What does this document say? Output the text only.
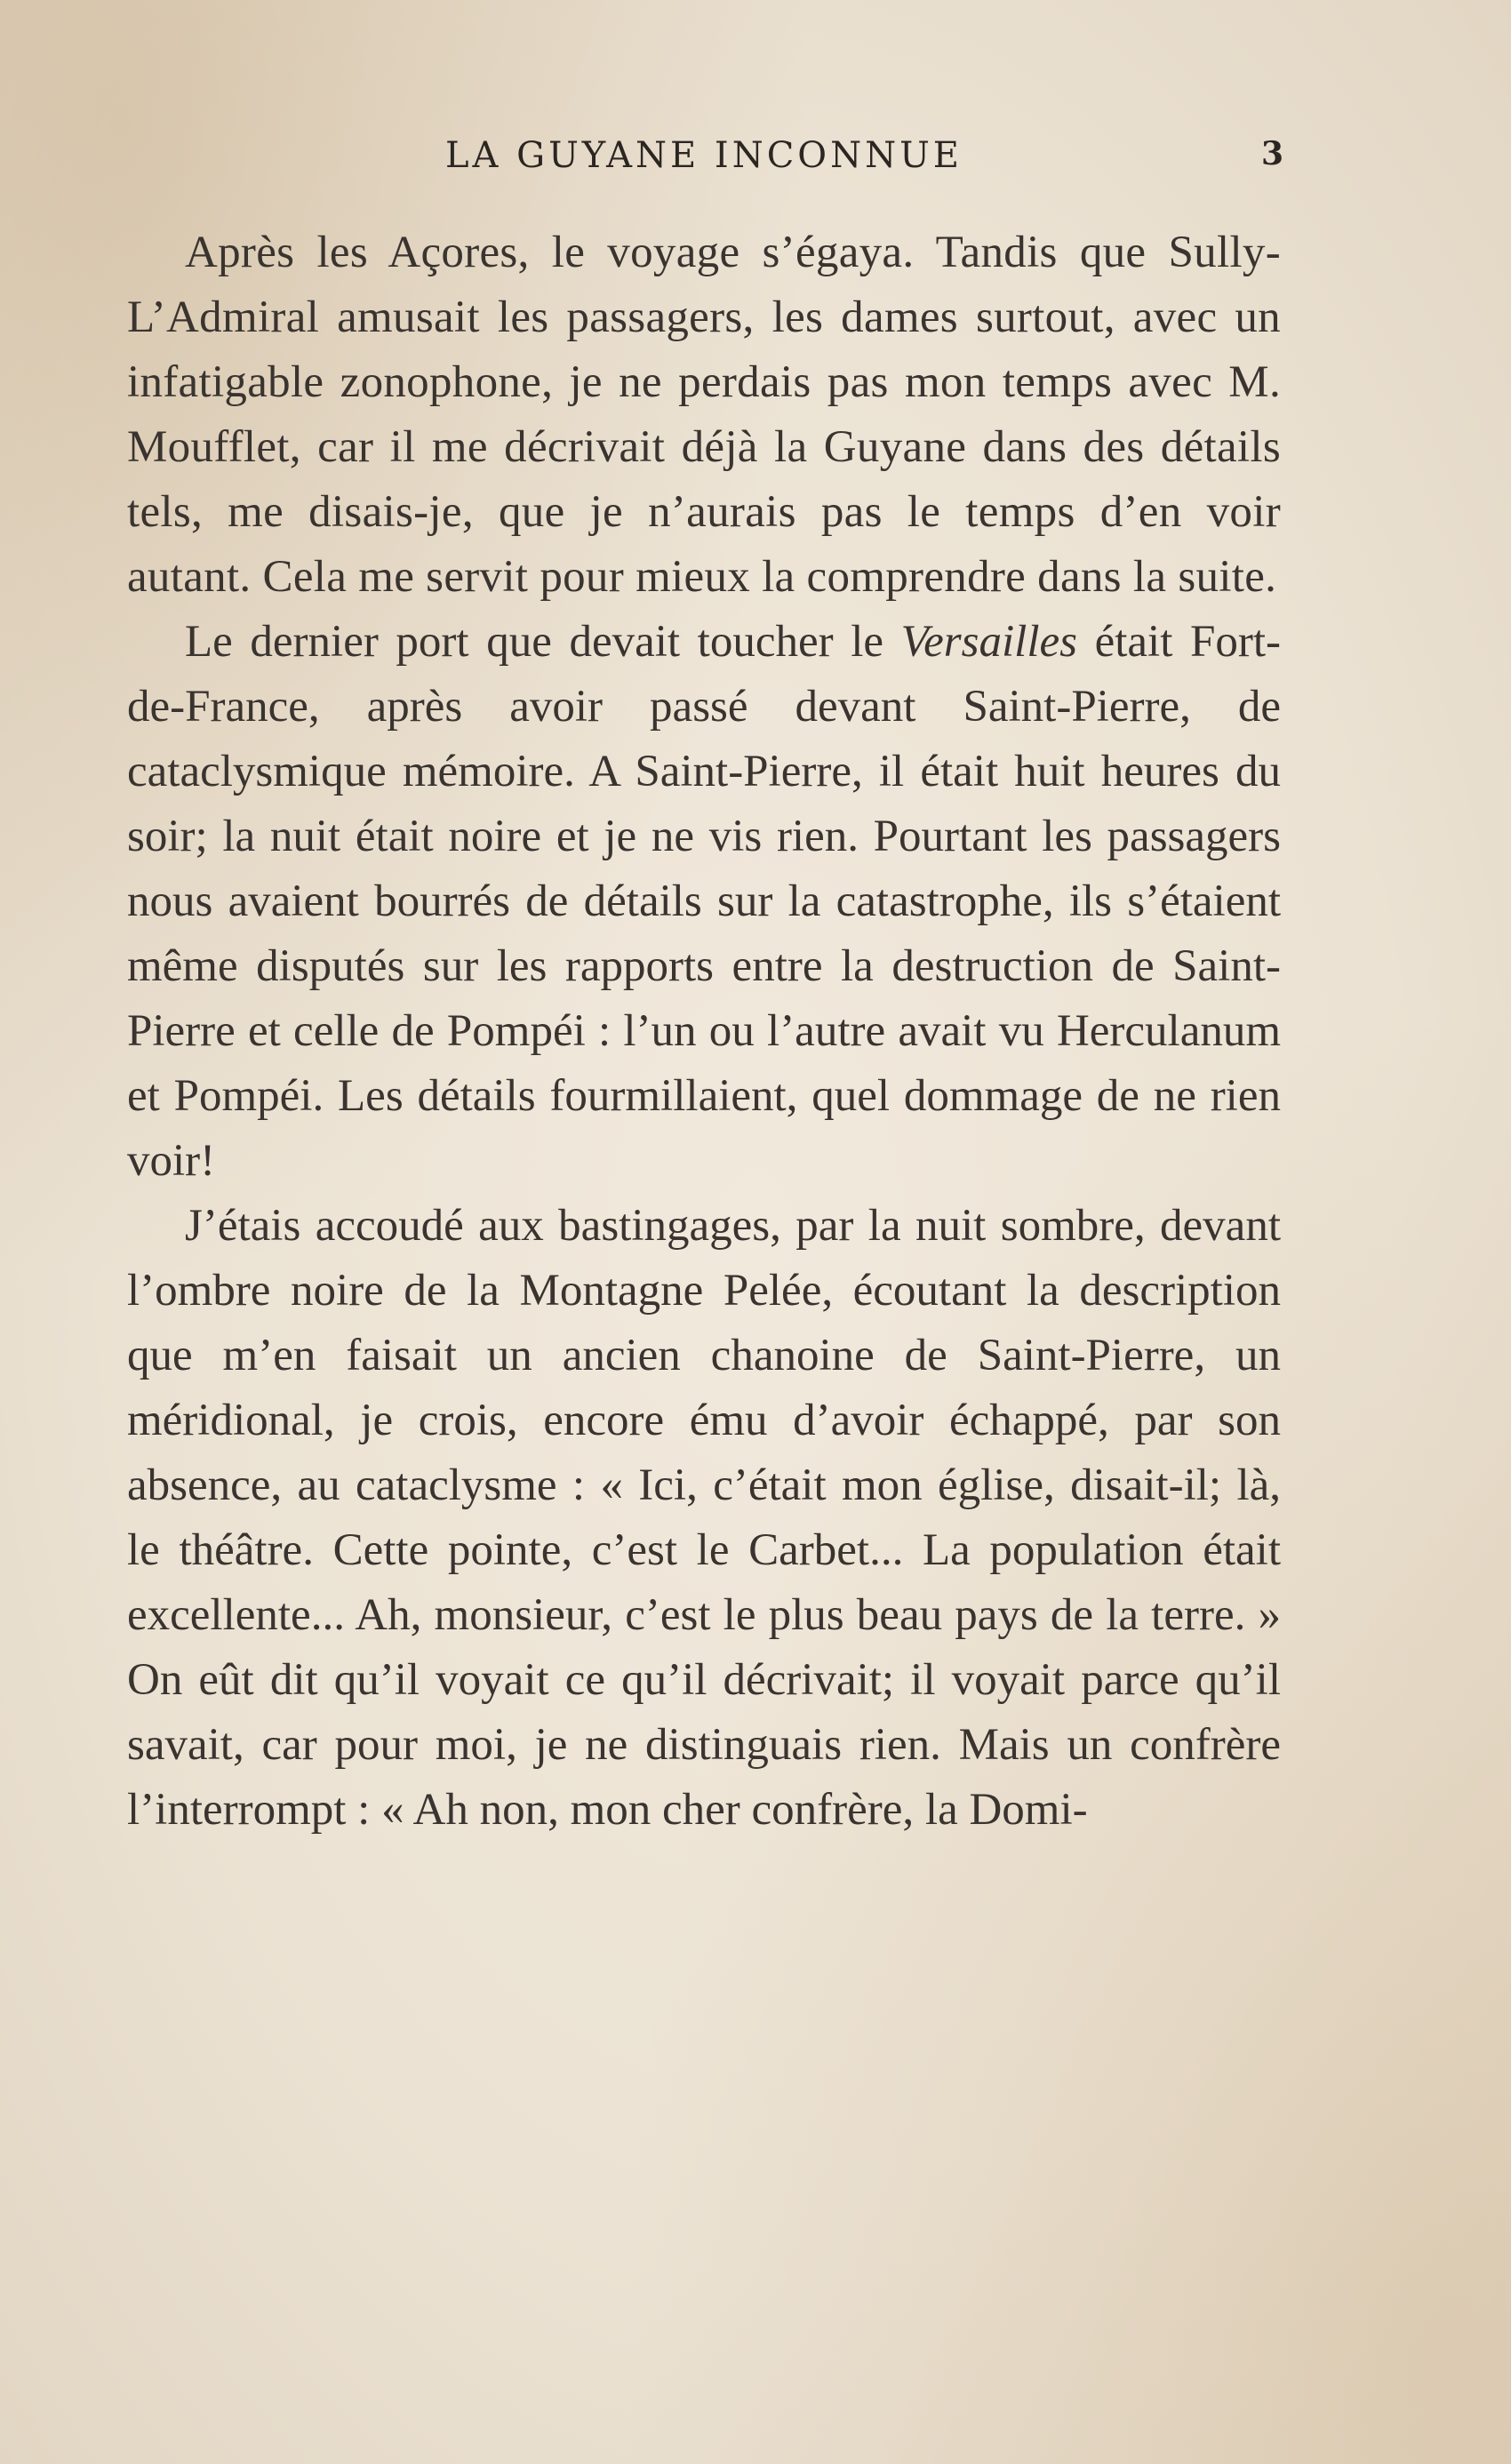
LA GUYANE INCONNUE	3

Après les Açores, le voyage s’égaya. Tandis que Sully-L’Admiral amusait les passagers, les dames surtout, avec un infatigable zonophone, je ne perdais pas mon temps avec M. Moufflet, car il me décrivait déjà la Guyane dans des détails tels, me disais-je, que je n’aurais pas le temps d’en voir autant. Cela me servit pour mieux la comprendre dans la suite.

Le dernier port que devait toucher le Versailles était Fort-de-France, après avoir passé devant Saint-Pierre, de cataclysmique mémoire. A Saint-Pierre, il était huit heures du soir; la nuit était noire et je ne vis rien. Pourtant les passagers nous avaient bourrés de détails sur la catastrophe, ils s’étaient même disputés sur les rapports entre la destruction de Saint-Pierre et celle de Pompéi : l’un ou l’autre avait vu Herculanum et Pompéi. Les détails fourmillaient, quel dommage de ne rien voir!

J’étais accoudé aux bastingages, par la nuit sombre, devant l’ombre noire de la Montagne Pelée, écoutant la description que m’en faisait un ancien chanoine de Saint-Pierre, un méridional, je crois, encore ému d’avoir échappé, par son absence, au cataclysme : « Ici, c’était mon église, disait-il; là, le théâtre. Cette pointe, c’est le Carbet... La population était excellente... Ah, monsieur, c’est le plus beau pays de la terre. » On eût dit qu’il voyait ce qu’il décrivait; il voyait parce qu’il savait, car pour moi, je ne distinguais rien. Mais un confrère l’interrompt : « Ah non, mon cher confrère, la Domi-
